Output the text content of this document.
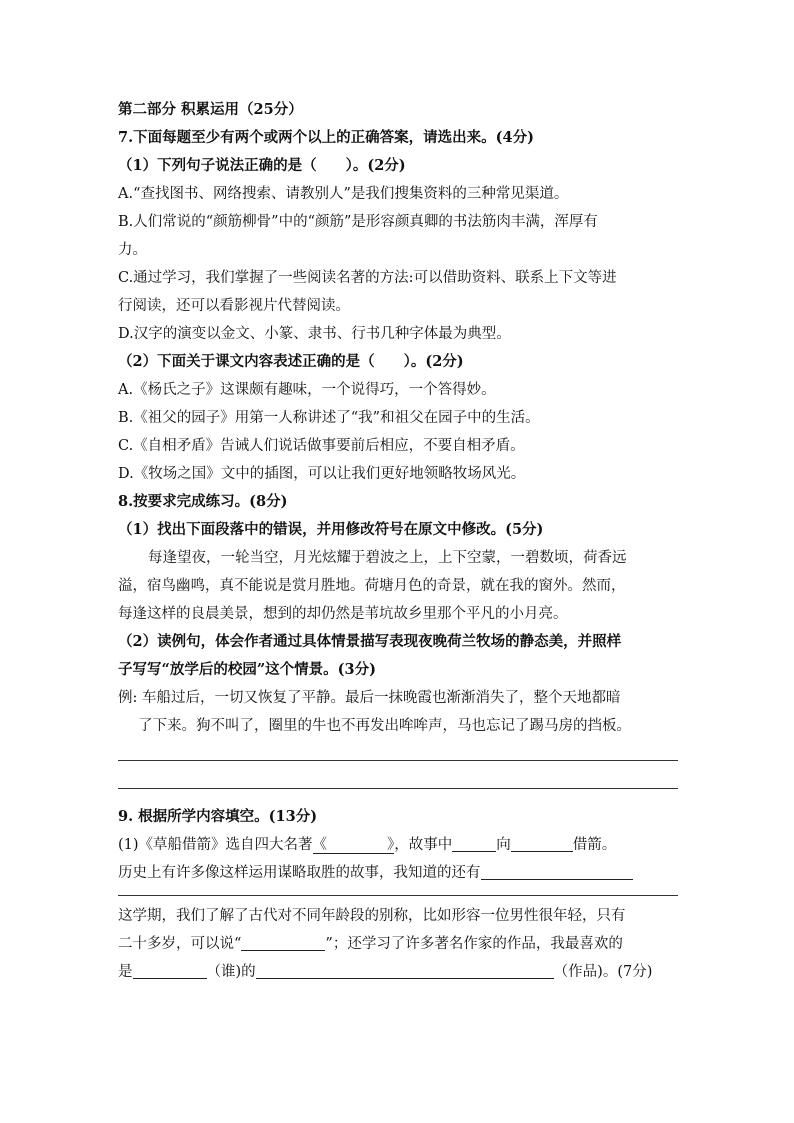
第二部分 积累运用（25分）
7.下面每题至少有两个或两个以上的正确答案，请选出来。(4分)
（1）下列句子说法正确的是（　　）。(2分)
A.“查找图书、网络搜索、请教别人”是我们搜集资料的三种常见渠道。
B.人们常说的“颜筋柳骨”中的“颜筋”是形容颜真卿的书法筋肉丰满，浑厚有
力。
C.通过学习，我们掌握了一些阅读名著的方法:可以借助资料、联系上下文等进
行阅读，还可以看影视片代替阅读。
D.汉字的演变以金文、小篆、隶书、行书几种字体最为典型。
（2）下面关于课文内容表述正确的是（　　）。(2分)
A.《杨氏之子》这课颇有趣味，一个说得巧，一个答得妙。
B.《祖父的园子》用第一人称讲述了“我”和祖父在园子中的生活。
C.《自相矛盾》告诫人们说话做事要前后相应，不要自相矛盾。
D.《牧场之国》文中的插图，可以让我们更好地领略牧场风光。
8.按要求完成练习。(8分)
（1）找出下面段落中的错误，并用修改符号在原文中修改。(5分)
每逢望夜，一轮当空，月光炫耀于碧波之上，上下空蒙，一碧数顷，荷香远
溢，宿鸟幽鸣，真不能说是赏月胜地。荷塘月色的奇景，就在我的窗外。然而，
每逢这样的良晨美景，想到的却仍然是苇坑故乡里那个平凡的小月亮。
（2）读例句，体会作者通过具体情景描写表现夜晚荷兰牧场的静态美，并照样
子写写“放学后的校园”这个情景。(3分)
例: 车船过后，一切又恢复了平静。最后一抹晚霞也渐渐消失了，整个天地都暗
了下来。狗不叫了，圈里的牛也不再发出哞哞声，马也忘记了踢马房的挡板。
9. 根据所学内容填空。(13分)
(1)《草船借箭》选自四大名著《	》，故事中	向	借箭。
历史上有许多像这样运用谋略取胜的故事，我知道的还有
这学期，我们了解了古代对不同年龄段的别称，比如形容一位男性很年轻，只有
二十多岁，可以说“	”；还学习了许多著名作家的作品，我最喜欢的
是	（谁)的	（作品)。(7分)
